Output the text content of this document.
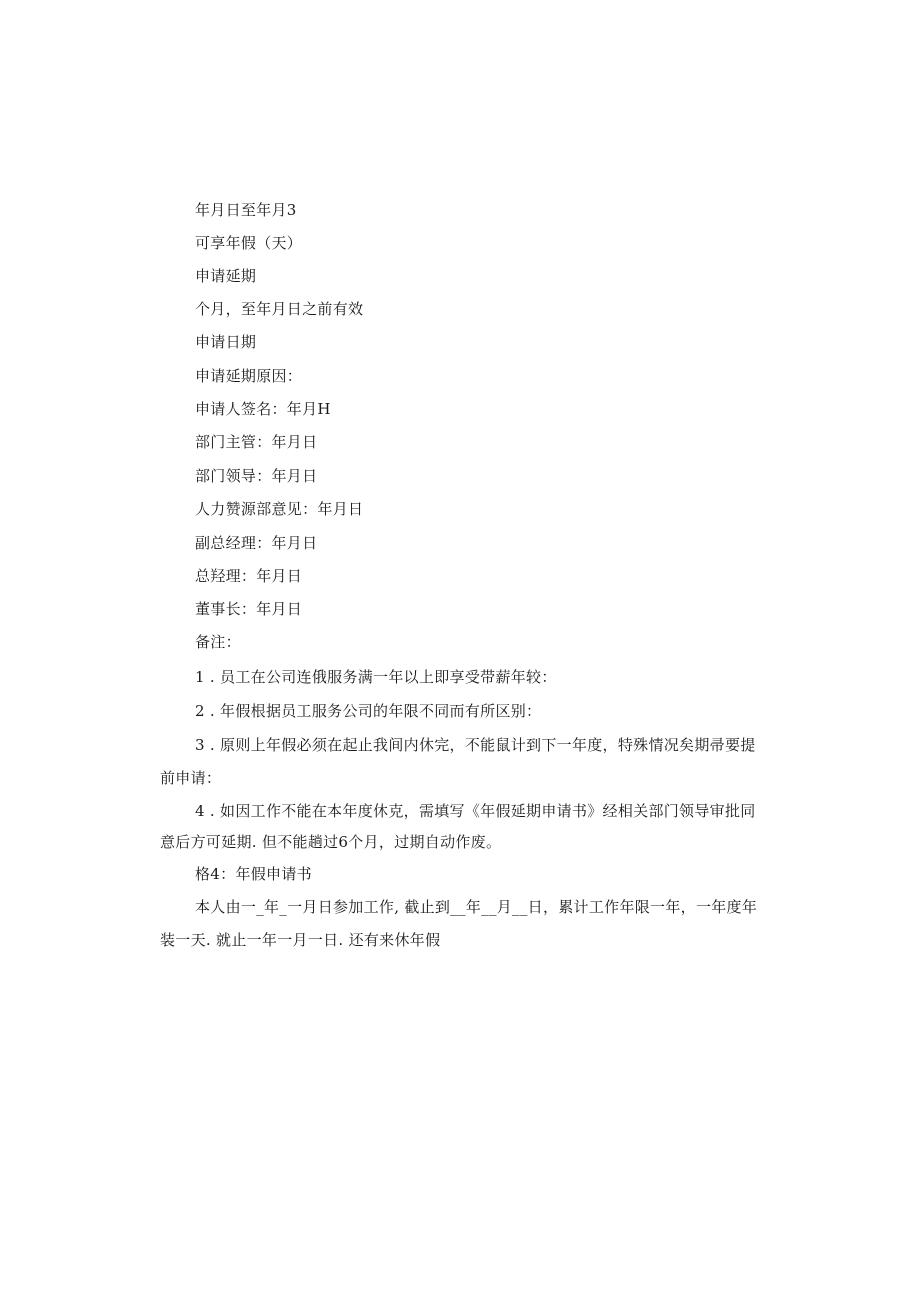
年月日至年月3
可享年假（天）
申请延期
个月，至年月日之前有效
申请日期
申请延期原因：
申请人签名：年月H
部门主管：年月日
部门领导：年月日
人力赞源部意见：年月日
副总经理：年月日
总羟理：年月日
董事长：年月日
备注：
1 . 员工在公司连俄服务满一年以上即享受带薪年较：
2 . 年假根据员工服务公司的年限不同而有所区别：
3 . 原则上年假必须在起止我间内休完，不能鼠计到下一年度，特殊情况矣期帚要提前申请：
4 . 如因工作不能在本年度休克，需填写《年假延期申请书》经相关部门领导审批同
意后方可延期. 但不能趟过6个月，过期自动作废。
格4：年假申请书
本人由一_年_一月日参加工作, 截止到__年__月__日，累计工作年限一年，一年度年装一天. 就止一年一月一日. 还有来休年假
